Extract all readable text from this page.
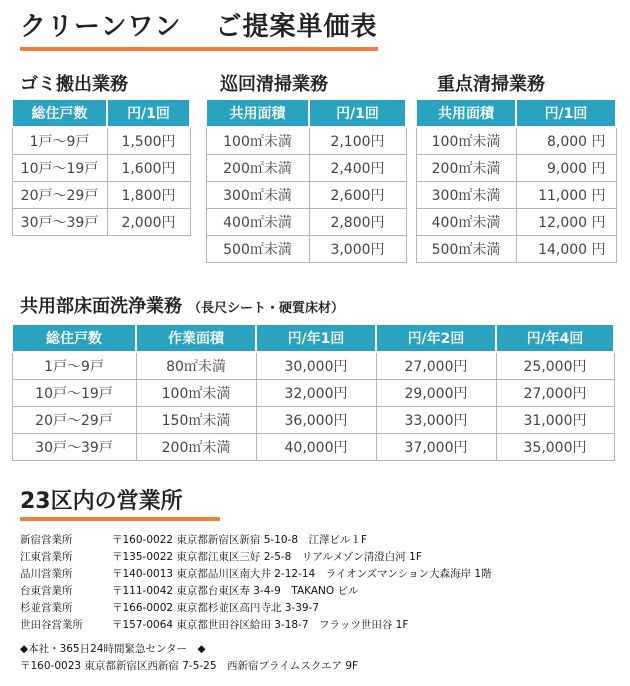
クリーンワン ご提案単価表
ゴミ搬出業務
総住戸数	円/1回
1戸～9戸	1,500円
10戸～19戸	1,600円
20戸～29戸	1,800円
30戸～39戸	2,000円
巡回清掃業務
共用面積	円/1回
100㎡未満	2,100円
200㎡未満	2,400円
300㎡未満	2,600円
400㎡未満	2,800円
500㎡未満	3,000円
重点清掃業務
共用面積	円/1回
100㎡未満	8,000 円
200㎡未満	9,000 円
300㎡未満	11,000 円
400㎡未満	12,000 円
500㎡未満	14,000 円
共用部床面洗浄業務 （長尺シート・硬質床材）
総住戸数	作業面積	円/年1回	円/年2回	円/年4回
1戸～9戸	80㎡未満	30,000円	27,000円	25,000円
10戸～19戸	100㎡未満	32,000円	29,000円	27,000円
20戸～29戸	150㎡未満	36,000円	33,000円	31,000円
30戸～39戸	200㎡未満	40,000円	37,000円	35,000円
23区内の営業所
新宿営業所	〒160-0022 東京都新宿区新宿 5-10-8　江澤ビル１F
江東営業所	〒135-0022 東京都江東区三好 2-5-8　リアルメゾン清澄白河 1F
品川営業所	〒140-0013 東京都品川区南大井 2-12-14　ライオンズマンション大森海岸 1階
台東営業所	〒111-0042 東京都台東区寿 3-4-9　TAKANO ビル
杉並営業所	〒166-0002 東京都杉並区高円寺北 3-39-7
世田谷営業所	〒157-0064 東京都世田谷区給田 3-18-7　フラッツ世田谷 1F
◆本社・365日24時間緊急センター　◆
〒160-0023 東京都新宿区西新宿 7-5-25　西新宿プライムスクエア 9F
